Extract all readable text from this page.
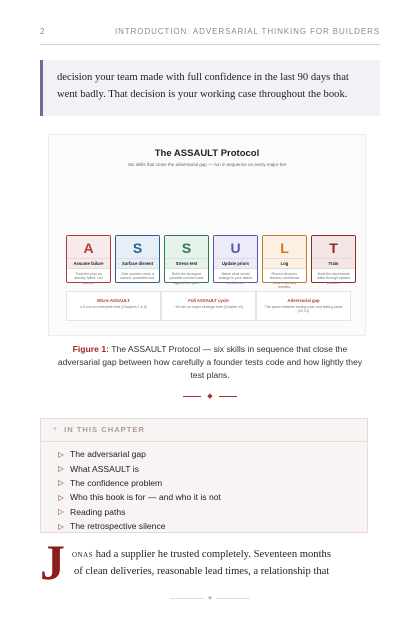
2	INTRODUCTION: ADVERSARIAL THINKING FOR BUILDERS

decision your team made with full confidence in the last 90 days that went badly. That decision is your working case throughout the book.

The ASSAULT Protocol
Six skills that close the adversarial gap — run in sequence on every major bet
A
Assume failure
Treat the plan as already failed. List causes.
S
Surface dissent
Give counter-views a named, protected slot.
S
Stress-test
Build the strongest possible counter-case against the plan.
U
Update priors
Name what would change in your stated confidence.
L
Log
Record decision, dissent, confidence before memory rewrites.
T
Train
Build the adversarial reflex through spaced practice.
Micro-ASSAULT
4-5 min on reversible bets (Chapters 1 & 8)
Full ASSAULT cycle
~90 min on major strategic bets (Chapter 10)
Adversarial gap
The space between testing code and testing plans (Ch 01)

Figure 1: The ASSAULT Protocol — six skills in sequence that close the adversarial gap between how carefully a founder tests code and how lightly they test plans.

◆
+ IN THIS CHAPTER
▷ The adversarial gap
▷ What ASSAULT is
▷ The confidence problem
▷ Who this book is for — and who it is not
▷ Reading paths
▷ The retrospective silence
J onas had a supplier he trusted completely. Seventeen months

of clean deliveries, reasonable lead times, a relationship that

◆
